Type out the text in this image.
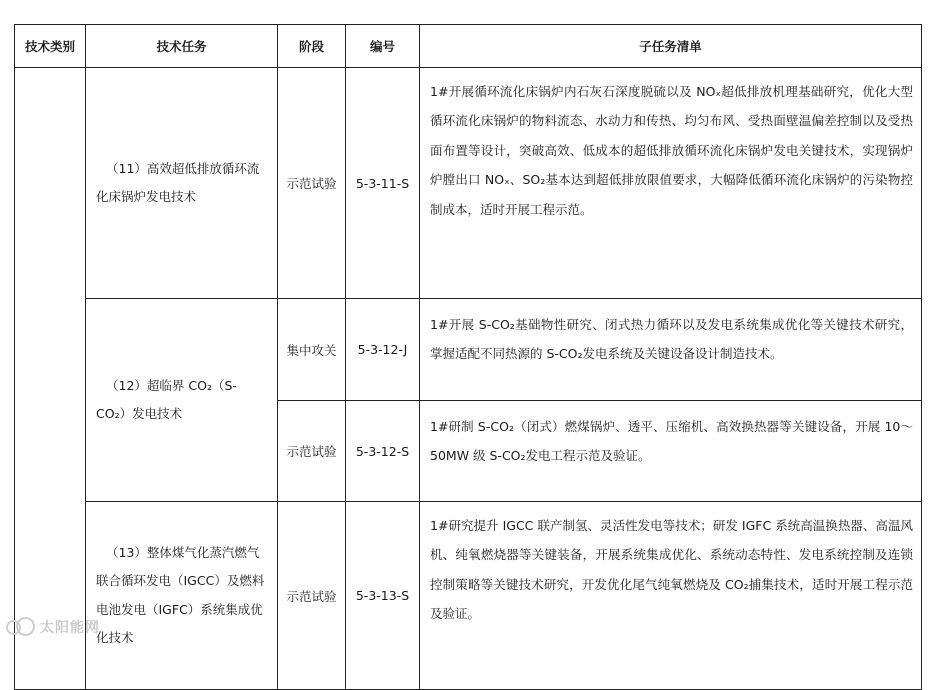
技术类别	技术任务	阶段	编号	子任务清单
	（11）高效超低排放循环流
化床锅炉发电技术	示范试验	5-3-11-S	1#开展循环流化床锅炉内石灰石深度脱硫以及 NOₓ超低排放机理基础研究，优化大型循环流化床锅炉的物料流态、水动力和传热、均匀布风、受热面壁温偏差控制以及受热面布置等设计，突破高效、低成本的超低排放循环流化床锅炉发电关键技术，实现锅炉炉膛出口 NOₓ、SO₂基本达到超低排放限值要求，大幅降低循环流化床锅炉的污染物控制成本，适时开展工程示范。
	（12）超临界 CO₂（S-
CO₂）发电技术	集中攻关	5-3-12-J	1#开展 S-CO₂基础物性研究、闭式热力循环以及发电系统集成优化等关键技术研究，掌握适配不同热源的 S-CO₂发电系统及关键设备设计制造技术。
		示范试验	5-3-12-S	1#研制 S-CO₂（闭式）燃煤锅炉、透平、压缩机、高效换热器等关键设备，开展 10～50MW 级 S-CO₂发电工程示范及验证。
	（13）整体煤气化蒸汽燃气
联合循环发电（IGCC）及燃料电池发电（IGFC）系统集成优化技术	示范试验	5-3-13-S	1#研究提升 IGCC 联产制氢、灵活性发电等技术；研发 IGFC 系统高温换热器、高温风机、纯氧燃烧器等关键装备，开展系统集成优化、系统动态特性、发电系统控制及连锁控制策略等关键技术研究，开发优化尾气纯氧燃烧及 CO₂捕集技术，适时开展工程示范及验证。
太阳能网
